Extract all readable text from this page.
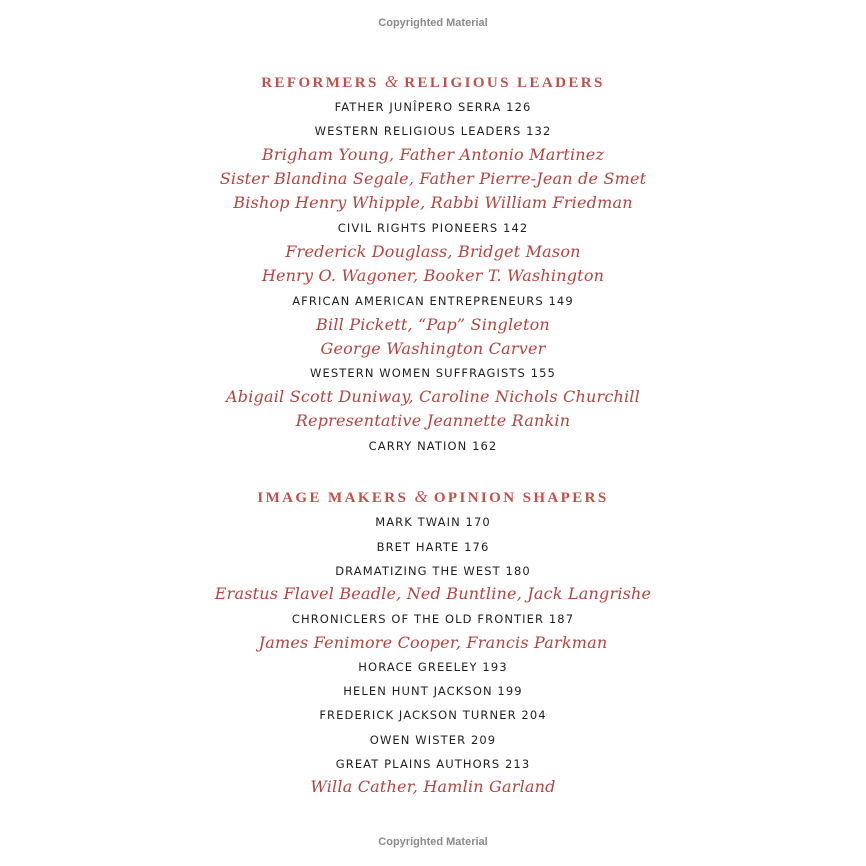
Copyrighted Material
REFORMERS & RELIGIOUS LEADERS
FATHER JUNÎPERO SERRA 126
WESTERN RELIGIOUS LEADERS 132
Brigham Young, Father Antonio Martinez
Sister Blandina Segale, Father Pierre-Jean de Smet
Bishop Henry Whipple, Rabbi William Friedman
CIVIL RIGHTS PIONEERS 142
Frederick Douglass, Bridget Mason
Henry O. Wagoner, Booker T. Washington
AFRICAN AMERICAN ENTREPRENEURS 149
Bill Pickett, “Pap” Singleton
George Washington Carver
WESTERN WOMEN SUFFRAGISTS 155
Abigail Scott Duniway, Caroline Nichols Churchill
Representative Jeannette Rankin
CARRY NATION 162
IMAGE MAKERS & OPINION SHAPERS
MARK TWAIN 170
BRET HARTE 176
DRAMATIZING THE WEST 180
Erastus Flavel Beadle, Ned Buntline, Jack Langrishe
CHRONICLERS OF THE OLD FRONTIER 187
James Fenimore Cooper, Francis Parkman
HORACE GREELEY 193
HELEN HUNT JACKSON 199
FREDERICK JACKSON TURNER 204
OWEN WISTER 209
GREAT PLAINS AUTHORS 213
Willa Cather, Hamlin Garland
Copyrighted Material
